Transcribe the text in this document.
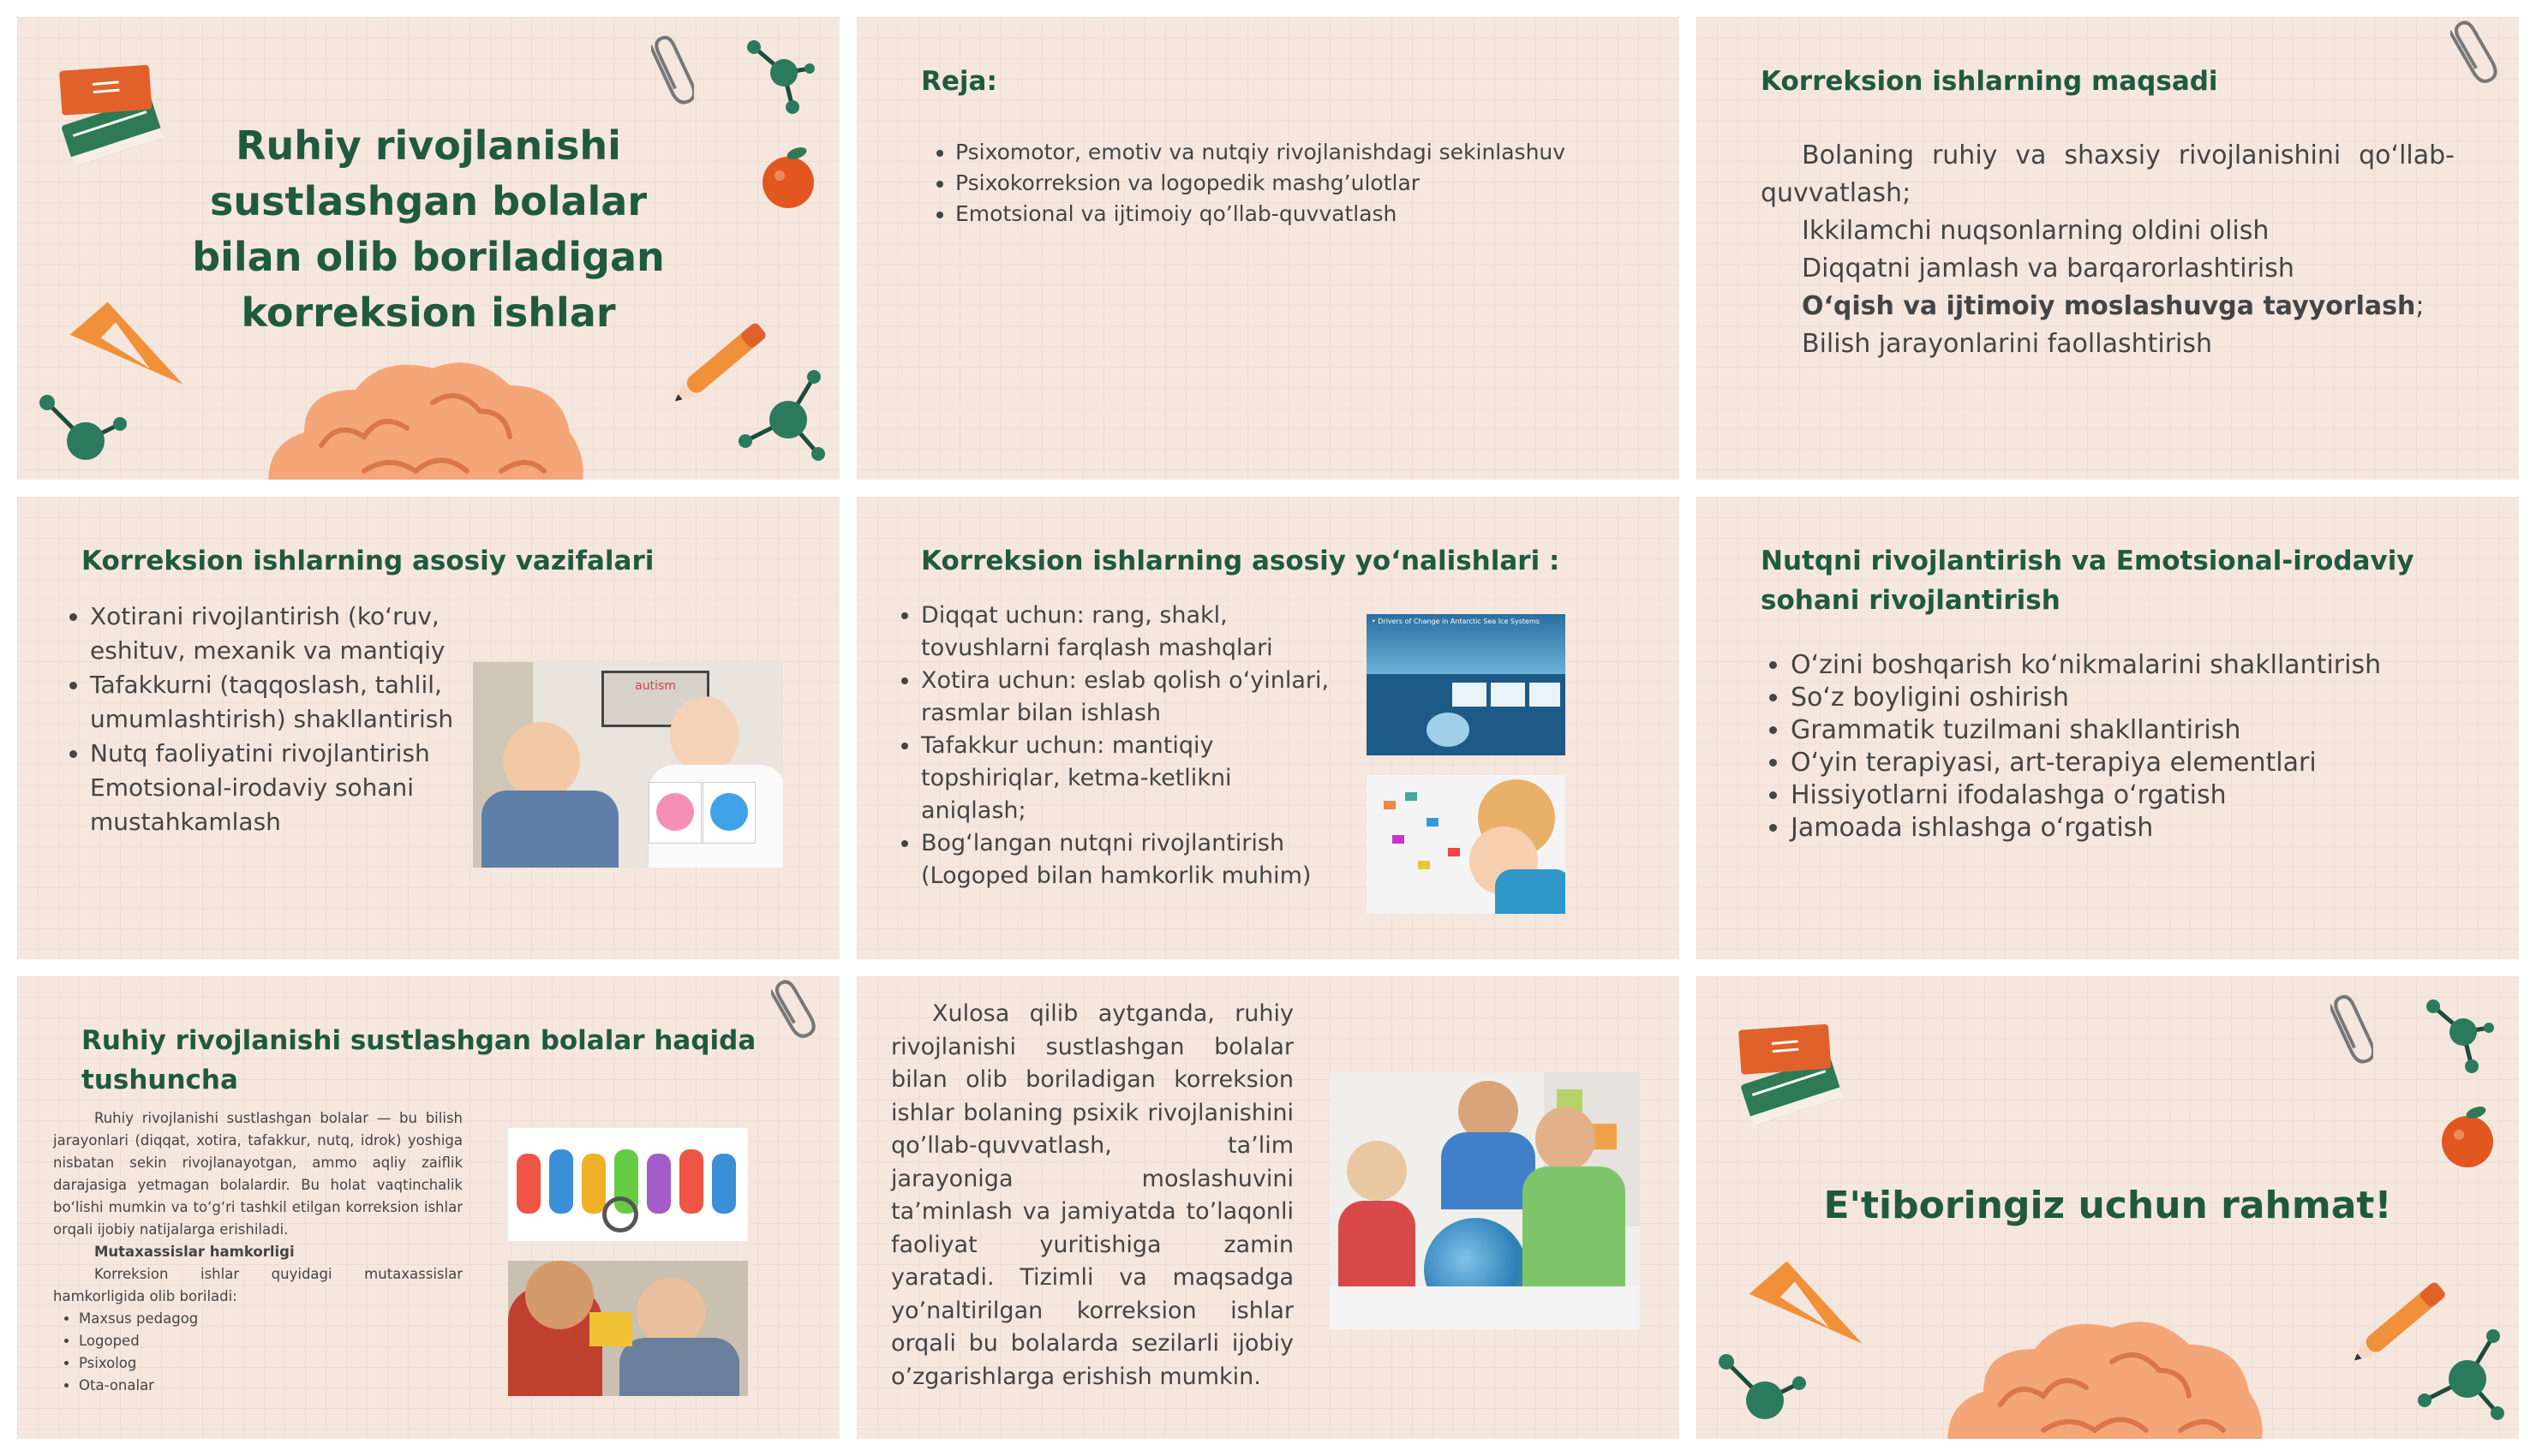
Ruhiy rivojlanishi sustlashgan bolalar bilan olib boriladigan korreksion ishlar
Reja:
• Psixomotor, emotiv va nutqiy rivojlanishdagi sekinlashuv
• Psixokorreksion va logopedik mashg’ulotlar
• Emotsional va ijtimoiy qo’llab-quvvatlash
Korreksion ishlarning maqsadi

Bolaning ruhiy va shaxsiy rivojlanishini qo‘llab-quvvatlash;

Ikkilamchi nuqsonlarning oldini olish

Diqqatni jamlash va barqarorlashtirish

O‘qish va ijtimoiy moslashuvga tayyorlash;

Bilish jarayonlarini faollashtirish

Korreksion ishlarning asosiy vazifalari
• Xotirani rivojlantirish (ko‘ruv, eshituv, mexanik va mantiqiy
• Tafakkurni (taqqoslash, tahlil, umumlashtirish) shakllantirish
• Nutq faoliyatini rivojlantirish Emotsional-irodaviy sohani mustahkamlash
autism
Korreksion ishlarning asosiy yo‘nalishlari :
• Diqqat uchun: rang, shakl, tovushlarni farqlash mashqlari
• Xotira uchun: eslab qolish o‘yinlari, rasmlar bilan ishlash
• Tafakkur uchun: mantiqiy topshiriqlar, ketma-ketlikni aniqlash;
• Bog‘langan nutqni rivojlantirish (Logoped bilan hamkorlik muhim)
• Drivers of Change in Antarctic Sea Ice Systems
Nutqni rivojlantirish va Emotsional-irodaviy sohani rivojlantirish
• O‘zini boshqarish ko‘nikmalarini shakllantirish
• So‘z boyligini oshirish
• Grammatik tuzilmani shakllantirish
• O‘yin terapiyasi, art-terapiya elementlari
• Hissiyotlarni ifodalashga o‘rgatish
• Jamoada ishlashga o‘rgatish
Ruhiy rivojlanishi sustlashgan bolalar haqida tushuncha

Ruhiy rivojlanishi sustlashgan bolalar — bu bilish jarayonlari (diqqat, xotira, tafakkur, nutq, idrok) yoshiga nisbatan sekin rivojlanayotgan, ammo aqliy zaiflik darajasiga yetmagan bolalardir. Bu holat vaqtinchalik bo‘lishi mumkin va to‘g‘ri tashkil etilgan korreksion ishlar orqali ijobiy natijalarga erishiladi.

Mutaxassislar hamkorligi

Korreksion ishlar quyidagi mutaxassislar hamkorligida olib boriladi:

• Maxsus pedagog
• Logoped
• Psixolog
• Ota-onalar

Xulosa qilib aytganda, ruhiy rivojlanishi sustlashgan bolalar bilan olib boriladigan korreksion ishlar bolaning psixik rivojlanishini qo’llab-quvvatlash, ta’lim jarayoniga moslashuvini ta’minlash va jamiyatda to’laqonli faoliyat yuritishiga zamin yaratadi. Tizimli va maqsadga yo’naltirilgan korreksion ishlar orqali bu bolalarda sezilarli ijobiy o’zgarishlarga erishish mumkin.

E'tiboringiz uchun rahmat!
